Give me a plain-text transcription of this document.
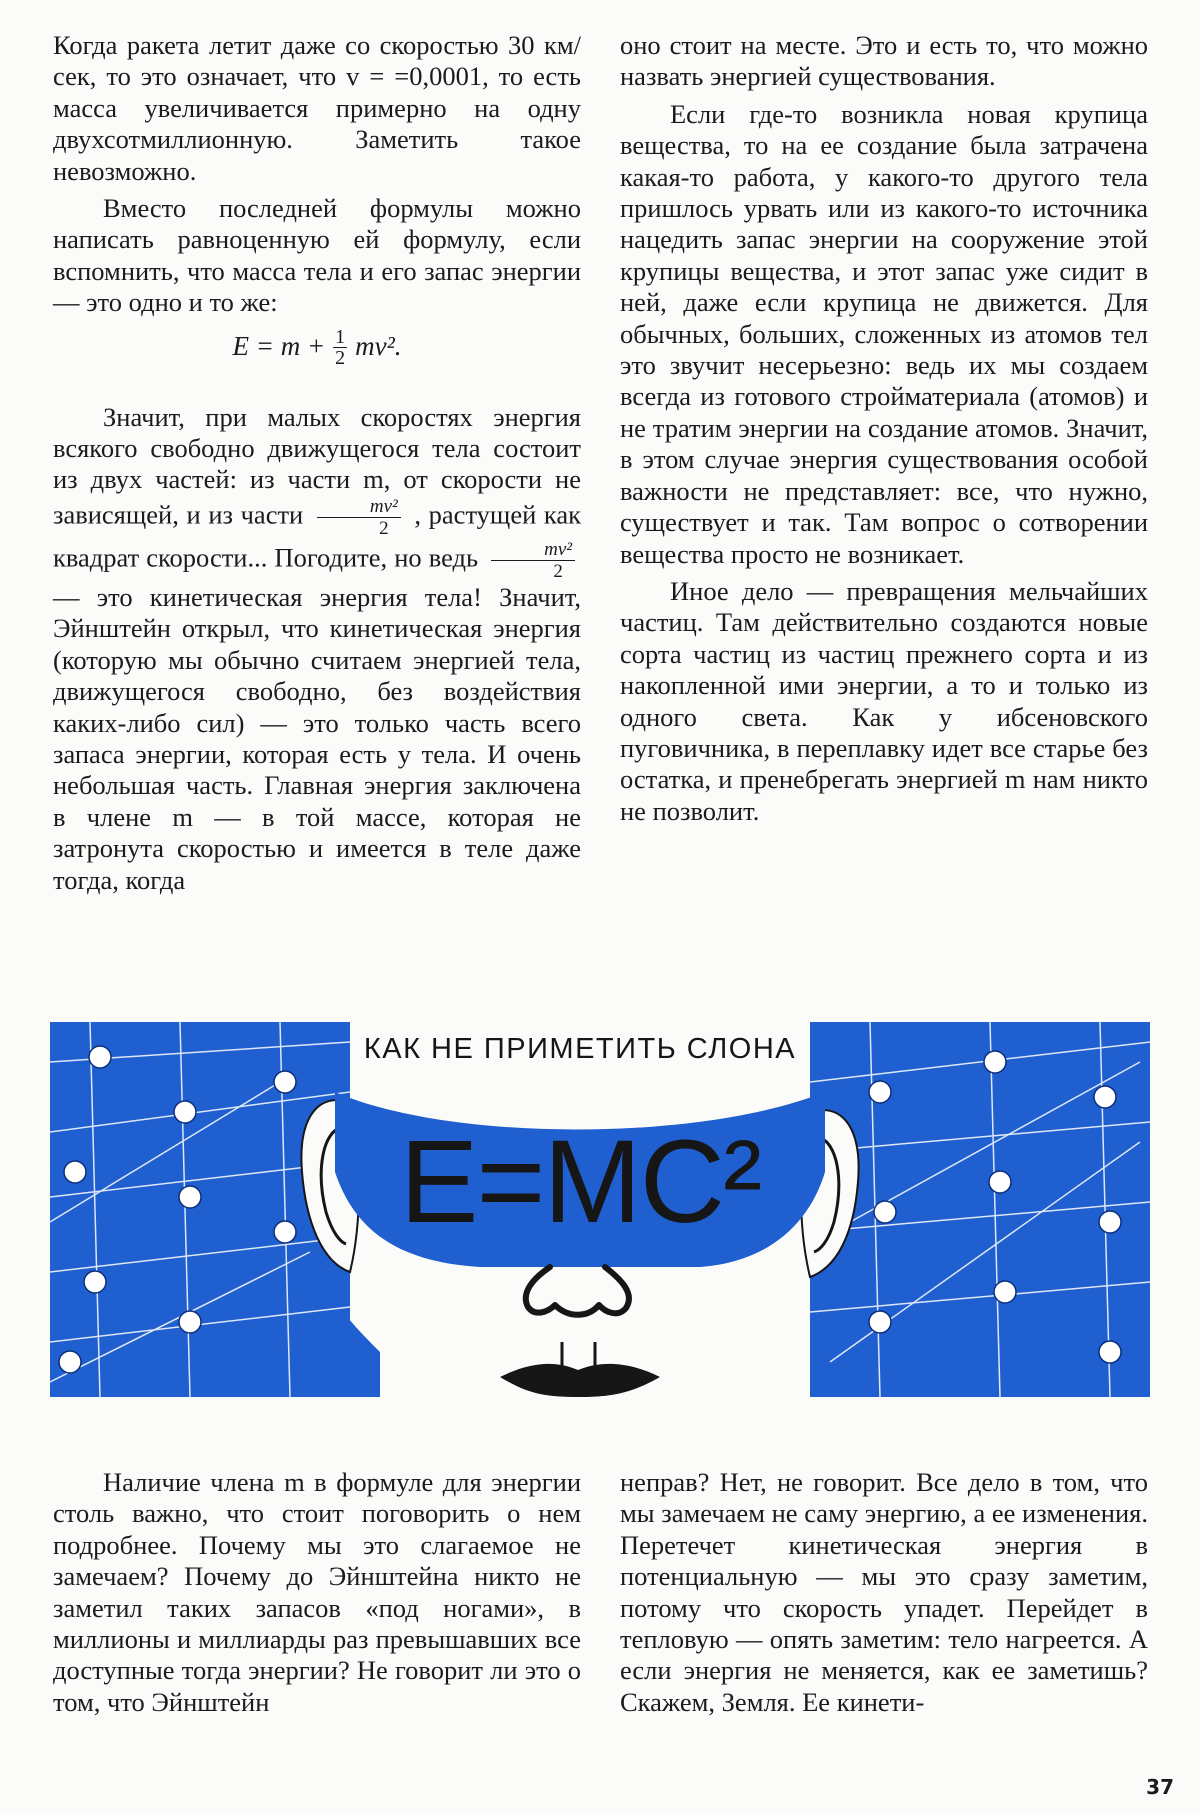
Когда ракета летит даже со скоростью 30 км/сек, то это означает, что v = =0,0001, то есть масса увеличивается примерно на одну двухсотмиллионную. Заметить такое невозможно.

Вместо последней формулы можно написать равноценную ей формулу, если вспомнить, что масса тела и его запас энергии — это одно и то же:

$E = m + \frac{1}{2} mv^2$.

Значит, при малых скоростях энергия всякого свободно движущегося тела состоит из двух частей: из части m, от скорости не зависящей, и из части $\frac{\text{mv²}}{2}$ , растущей как квадрат скорости... Погодите, но ведь $\frac{\text{mv²}}{2}$
— это кинетическая энергия тела! Значит, Эйнштейн открыл, что кинетическая энергия (которую мы обычно считаем энергией тела, движущегося свободно, без воздействия каких-либо сил) — это только часть всего запаса энергии, которая есть у тела. И очень небольшая часть. Главная энергия заключена в члене m — в той массе, которая не затронута скоростью и имеется в теле даже тогда, когда

оно стоит на месте. Это и есть то, что можно назвать энергией существования.

Если где-то возникла новая крупица вещества, то на ее создание была затрачена какая-то работа, у какого-то другого тела пришлось урвать или из какого-то источника нацедить запас энергии на сооружение этой крупицы вещества, и этот запас уже сидит в ней, даже если крупица не движется. Для обычных, больших, сложенных из атомов тел это звучит несерьезно: ведь их мы создаем всегда из готового стройматериала (атомов) и не тратим энергии на создание атомов. Значит, в этом случае энергия существования особой важности не представляет: все, что нужно, существует и так. Там вопрос о сотворении вещества просто не возникает.

Иное дело — превращения мельчайших частиц. Там действительно создаются новые сорта частиц из частиц прежнего сорта и из накопленной ими энергии, а то и только из одного света. Как у ибсеновского пуговичника, в переплавку идет все старье без остатка, и пренебрегать энергией m нам никто не позволит.

КАК НЕ ПРИМЕТИТЬ СЛОНА
E=MC²

Наличие члена m в формуле для энергии столь важно, что стоит поговорить о нем подробнее. Почему мы это слагаемое не замечаем? Почему до Эйнштейна никто не заметил таких запасов «под ногами», в миллионы и миллиарды раз превышавших все доступные тогда энергии? Не говорит ли это о том, что Эйнштейн

неправ? Нет, не говорит. Все дело в том, что мы замечаем не саму энергию, а ее изменения. Перетечет кинетическая энергия в потенциальную — мы это сразу заметим, потому что скорость упадет. Перейдет в тепловую — опять заметим: тело нагреется. А если энергия не меняется, как ее заметишь? Скажем, Земля. Ее кинети-

37
